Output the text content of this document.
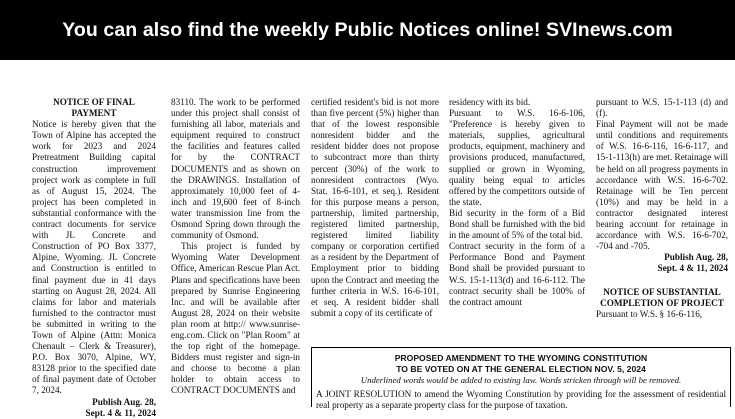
You can also find the weekly Public Notices online! SVInews.com

NOTICE OF FINAL PAYMENT

Notice is hereby given that the Town of Alpine has accepted the work for 2023 and 2024 Pretreatment Building capital construction improvement project work as complete in full as of August 15, 2024. The project has been completed in substantial conformance with the contract documents for service with JL Concrete and Construction of PO Box 3377, Alpine, Wyoming. JL Concrete and Construction is entitled to final payment due in 41 days starting on August 28, 2024. All claims for labor and materials furnished to the contractor must be submitted in writing to the Town of Alpine (Attn: Monica Chenault – Clerk & Treasurer), P.O. Box 3070, Alpine, WY, 83128 prior to the specified date of final payment date of October 7, 2024.

Publish Aug. 28,

Sept. 4 & 11, 2024

83110. The work to be performed under this project shall consist of furnishing all labor, materials and equipment required to construct the facilities and features called for by the CONTRACT DOCUMENTS and as shown on the DRAWINGS. Installation of approximately 10,000 feet of 4-inch and 19,600 feet of 8-inch water transmission line from the Osmond Spring down through the community of Osmond.

This project is funded by Wyoming Water Development Office, American Rescue Plan Act. Plans and specifications have been prepared by Sunrise Engineering Inc. and will be available after August 28, 2024 on their website plan room at http:// www.sunrise-eng.com. Click on "Plan Room" at the top right of the homepage. Bidders must register and sign-in and choose to become a plan holder to obtain access to CONTRACT DOCUMENTS and

certified resident's bid is not more than five percent (5%) higher than that of the lowest responsible nonresident bidder and the resident bidder does not propose to subcontract more than thirty percent (30%) of the work to nonresident contractors (Wyo. Stat. 16-6-101, et seq.). Resident for this purpose means a person, partnership, limited partnership, registered limited partnership, registered limited liability company or corporation certified as a resident by the Department of Employment prior to bidding upon the Contract and meeting the further criteria in W.S. 16-6-101, et seq. A resident bidder shall submit a copy of its certificate of

residency with its bid.

Pursuant to W.S. 16-6-106, "Preference is hereby given to materials, supplies, agricultural products, equipment, machinery and provisions produced, manufactured, supplied or grown in Wyoming, quality being equal to articles offered by the competitors outside of the state.

Bid security in the form of a Bid Bond shall be furnished with the bid in the amount of 5% of the total bid.

Contract security in the form of a Performance Bond and Payment Bond shall be provided pursuant to W.S. 15-1-113(d) and 16-6-112. The contract security shall be 100% of the contract amount

pursuant to W.S. 15-1-113 (d) and (f).

Final Payment will not be made until conditions and requirements of W.S. 16-6-116, 16-6-117, and 15-1-113(h) are met. Retainage will be held on all progress payments in accordance with W.S. 16-6-702. Retainage will be Ten percent (10%) and may be held in a contractor designated interest bearing account for retainage in accordance with W.S. 16-6-702, -704 and -705.

Publish Aug. 28,

Sept. 4 & 11, 2024

NOTICE OF SUBSTANTIAL

COMPLETION OF PROJECT

Pursuant to W.S. § 16-6-116,

PROPOSED AMENDMENT TO THE WYOMING CONSTITUTION
TO BE VOTED ON AT THE GENERAL ELECTION NOV. 5, 2024
Underlined words would be added to existing law. Words stricken through will be removed.
A JOINT RESOLUTION to amend the Wyoming Constitution by providing for the assessment of residential real property as a separate property class for the purpose of taxation.
